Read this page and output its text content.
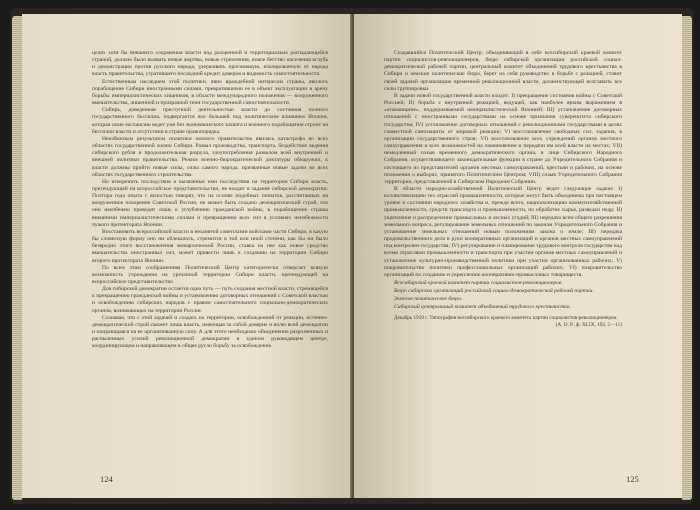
целях хотя бы внешнего сохранения власти над разоренной и территориально распадающейся страной, должно было вызвать новые жертвы, новые стремления, новое бегство населения вглубь и демонстрации против русского народа, удерживать прогнившую, изолированную от народа власть правительства, утратившего последний кредит доверия и видимость самостоятельности.

Естественным наследием этой политики, явно враждебной интересам страны, явилось порабощение Сибири иностранными силами, превратившими ее в объект эксплуатации и арену борьбы империалистических хищников, в области международного положения — вооруженного вмешательства, лишенной и призрачной тени государственной самостоятельности.

Сибирь, доведенная преступной деятельностью власти до состояния полного государственного бессилия, подвергается все большей под политическим влиянием Японии, которая свою экспансию ведет уже без экономического захвата и военного порабощения строит на бессилии власти и отсутствии в стране правопорядка.

Неизбежным результатом политики омского правительства явилась катастрофа во всех областях государственной жизни Сибири. Развал производства, транспорта, бездействие ведения сибирского рубля и продолжительная разруха, злоупотребления развалом всей внутренней и внешней политики правительства. Режим военно-бюрократической диктатуры обнаружил, к власти должны прийти новые силы, силы самого народа, призванные новые задачи во всех областях государственного строительства.

Но искоренить последствия и вызванные ими последствия на территории Сибири власть, претендующей на всероссийское представительство, не входит в задание сибирской демократии. Полтора года опыта с ясностью говорят, что на основе подобных попыток, рассчитанных на вооруженное покорение Советской России, не может быть создано демократический строй, что они неизбежно приводят лишь к углублению гражданской войны, к порабощению страны внешними империалистическими силами и превращению всех сил в условиях неизбежности чужого протектората Японии.

Восстановить всероссийской власти в незанятой советскими войсками части Сибири, в какую бы словесную форму оно ни облекалось, стремится в той или иной степени, как бы ни было безвредно этого восстановления монархической России, ставка на нее как новое средство вмешательства иностранных сил, может привести лишь к созданию на территории Сибири второго протектората Японии.

По всем этим соображениям Политический Центр категорически отвергает всякую возможность учреждения на урезанной территории Сибири власти, претендующей на всероссийское представительство.

Для сибирской демократии остается одна путь — путь создания местной власти, стремящейся к прекращению гражданской войны и установлению договорных отношений с Советской властью и освобождению сибирских народов с правом самостоятельного социально-демократических органов, возникающих на территории России.

Сознавая, что с этой задачей и создать на территории, освобожденной от реакции, истинно-демократический строй сможет лишь власть, имеющая за собой доверие и волю всей демократии и опирающаяся на ее организованную силу. А для этого необходимо объединение разрозненных и распыленных усилий революционной демократии в едином руководящем центре, координирующем и направляющем в общее русло борьбу за освобождение.

124

Создавшийся Политический Центр, объединяющий в себе всесибирский краевой комитет партии социалистов-революционеров, бюро сибирской организации российской социал-демократической рабочей партии, центральный комитет объединений трудового крестьянства в Сибири и земские политические бюро, берет на себя руководство в борьбе с реакцией, ставит своей задачей организацию временной революционной власти, долженствующей возглавить все силы группировки.

В задачи новой государственной власти входит: I) прекращение состояния войны с Советской Россией; II) борьба с внутренней реакцией, ведущей, как наиболее ярким выражением в «атаманщине», поддерживаемой империалистической Японией; III) установление договорных отношений с иностранными государствами на основе признания суверенитета сибирского государства; IV) установление договорных отношений с революционными государствами в целях совместной самозащиты от мировой реакции; V) восстановление свободных сил, задания, в организации государственного строя; VI) восстановление всех учреждений органов местного самоуправления и всех возможностей на поминовении и передачи им всей власти на местах; VII) немедленный созыв временного демократического органа, в лице Сибирского Народного Собрания, осуществляющего законодательные функции в стране до Учредительного Собрания и состоящего из представителей органов местных самоуправлений, крестьян и рабочих, на основе положения о выборах, принятого Политическим Центром; VIII) созыв Учредительного Собрания территории, представленной в Сибирском Народном Собрании.

В области народно-хозяйственной Политический Центр ведет следующие задачи: I) коллективизацию тех отраслей промышленности, которые могут быть объединены при настоящем уровне и состоянии народного хозяйства и, прежде всего, национализацию коммунхозяйственной промышленности, средств транспорта и промышленности, по обработке сырья, разведки недр; II) укрепление и распределение промысловых и лесных угодий; III) передача всем общего разрешения земельного вопроса, регулирование земельных отношений по законам Учредительного Собрания и установление земельных отношений новым положениям закона о земле; III) передача продовольственного дела в руки кооперативных организаций и органов местных самоуправлений под контролем государства; IV) регулирование и планирование трудового контроля государства над всеми отраслями промышленности и транспорта при участии органов местных самоуправлений и установление культурно-производственной политики при участии организованных рабочих; V) покровительство политики профессиональных организаций рабочих; VI) покровительство организаций по созданию и укреплению кооперативно-промысловых товариществ.

Всесибирский краевой комитет партии социалистов-революционеров.

Бюро сибирских организаций российской социал-демократической рабочей партии.

Земское политическое бюро.

Сибирский центральный комитет объединений трудового крестьянства.

Декабрь 1919 г. Типография всесибирского краевого комитета партии социалистов-революционеров.

(А. О. Р., ф. XLIX, 192, 2—11)

125
